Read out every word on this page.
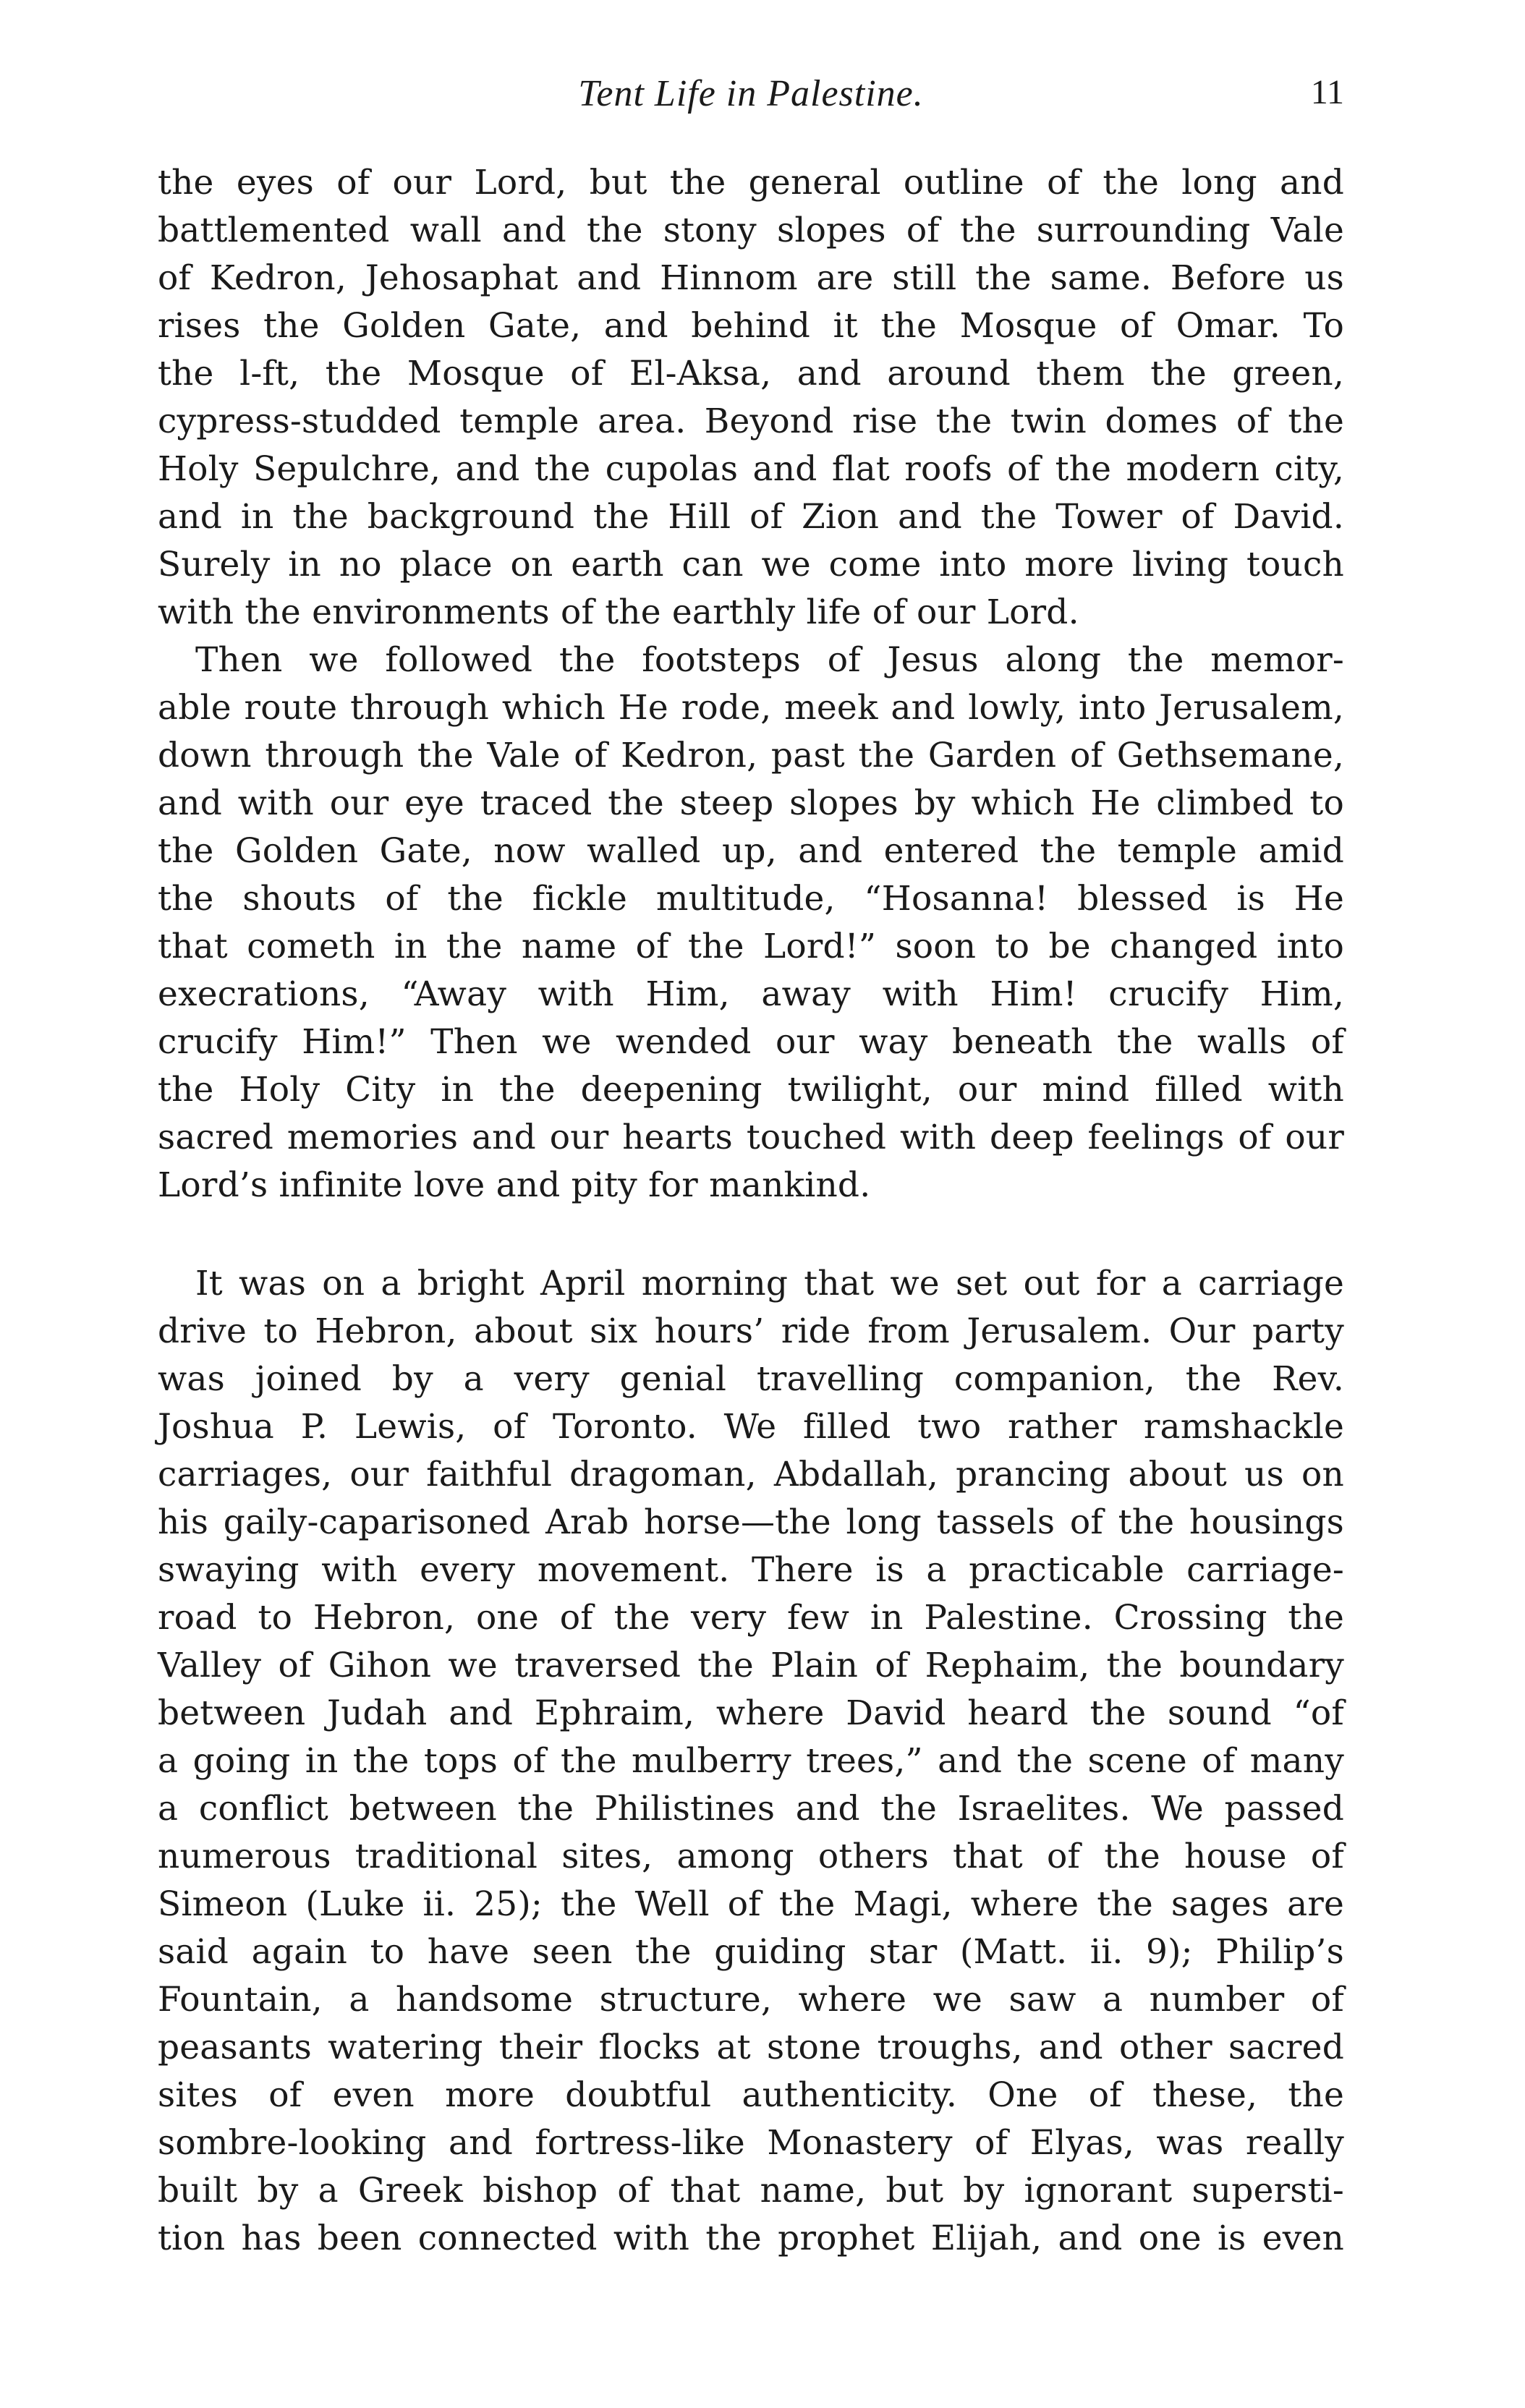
Tent Life in Palestine.	11
the eyes of our Lord, but the general outline of the long and
battlemented wall and the stony slopes of the surrounding Vale
of Kedron, Jehosaphat and Hinnom are still the same. Before us
rises the Golden Gate, and behind it the Mosque of Omar. To
the l-ft, the Mosque of El-Aksa, and around them the green,
cypress-studded temple area. Beyond rise the twin domes of the
Holy Sepulchre, and the cupolas and flat roofs of the modern city,
and in the background the Hill of Zion and the Tower of David.
Surely in no place on earth can we come into more living touch
with the environments of the earthly life of our Lord.
Then we followed the footsteps of Jesus along the memor-
able route through which He rode, meek and lowly, into Jerusalem,
down through the Vale of Kedron, past the Garden of Gethsemane,
and with our eye traced the steep slopes by which He climbed to
the Golden Gate, now walled up, and entered the temple amid
the shouts of the fickle multitude, “Hosanna! blessed is He
that cometh in the name of the Lord!” soon to be changed into
execrations, “Away with Him, away with Him! crucify Him,
crucify Him!” Then we wended our way beneath the walls of
the Holy City in the deepening twilight, our mind filled with
sacred memories and our hearts touched with deep feelings of our
Lord’s infinite love and pity for mankind.
It was on a bright April morning that we set out for a carriage
drive to Hebron, about six hours’ ride from Jerusalem. Our party
was joined by a very genial travelling companion, the Rev.
Joshua P. Lewis, of Toronto. We filled two rather ramshackle
carriages, our faithful dragoman, Abdallah, prancing about us on
his gaily-caparisoned Arab horse—the long tassels of the housings
swaying with every movement. There is a practicable carriage-
road to Hebron, one of the very few in Palestine. Crossing the
Valley of Gihon we traversed the Plain of Rephaim, the boundary
between Judah and Ephraim, where David heard the sound “of
a going in the tops of the mulberry trees,” and the scene of many
a conflict between the Philistines and the Israelites. We passed
numerous traditional sites, among others that of the house of
Simeon (Luke ii. 25); the Well of the Magi, where the sages are
said again to have seen the guiding star (Matt. ii. 9); Philip’s
Fountain, a handsome structure, where we saw a number of
peasants watering their flocks at stone troughs, and other sacred
sites of even more doubtful authenticity. One of these, the
sombre-looking and fortress-like Monastery of Elyas, was really
built by a Greek bishop of that name, but by ignorant supersti-
tion has been connected with the prophet Elijah, and one is even
